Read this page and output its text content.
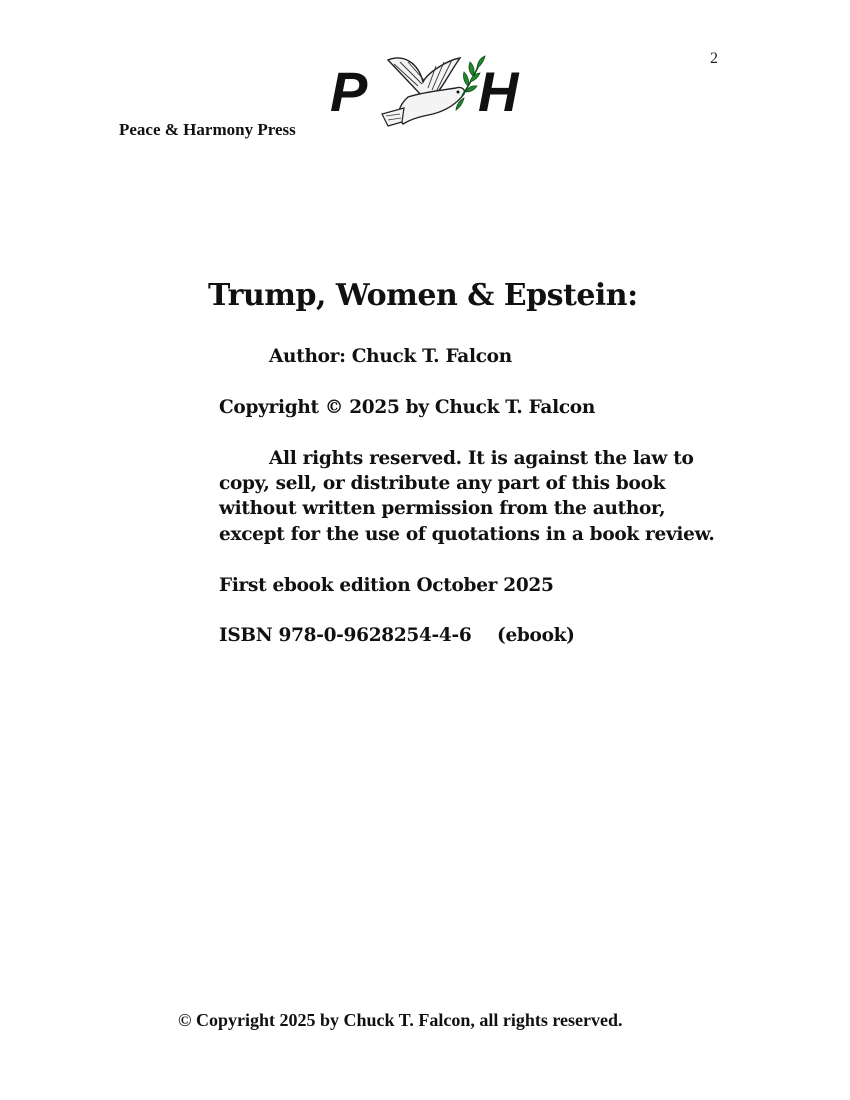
2
Peace & Harmony Press
P H
Trump, Women & Epstein:
Author: Chuck T. Falcon
Copyright © 2025 by Chuck T. Falcon
All rights reserved. It is against the law to
copy, sell, or distribute any part of this book
without written permission from the author,
except for the use of quotations in a book review.
First ebook edition October 2025
ISBN 978-0-9628254-4-6 (ebook)
© Copyright 2025 by Chuck T. Falcon, all rights reserved.
